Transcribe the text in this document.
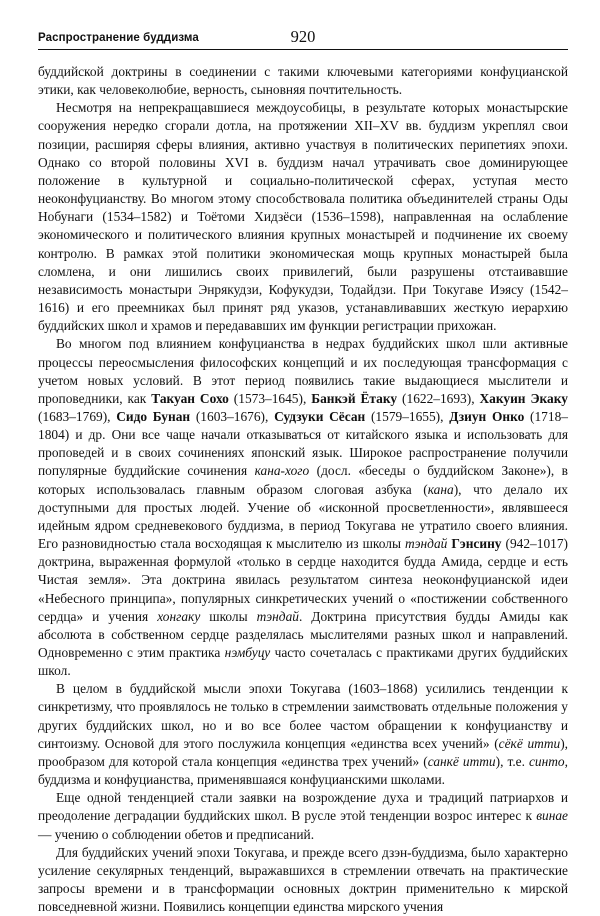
Распространение буддизма	920

буддийской доктрины в соединении с такими ключевыми категориями конфуцианской этики, как человеколюбие, верность, сыновняя почтительность.

Несмотря на непрекращавшиеся междоусобицы, в результате которых монастырские сооружения нередко сгорали дотла, на протяжении XII–XV вв. буддизм укреплял свои позиции, расширяя сферы влияния, активно участвуя в политических перипетиях эпохи. Однако со второй половины XVI в. буддизм начал утрачивать свое доминирующее положение в культурной и социально-политической сферах, уступая место неоконфуцианству. Во многом этому способствовала политика объединителей страны Оды Нобунаги (1534–1582) и Тоётоми Хидзёси (1536–1598), направленная на ослабление экономического и политического влияния крупных монастырей и подчинение их своему контролю. В рамках этой политики экономическая мощь крупных монастырей была сломлена, и они лишились своих привилегий, были разрушены отстаивавшие независимость монастыри Энрякудзи, Кофукудзи, Тодайдзи. При Токугаве Иэясу (1542–1616) и его преемниках был принят ряд указов, устанавливавших жесткую иерархию буддийских школ и храмов и передававших им функции регистрации прихожан.

Во многом под влиянием конфуцианства в недрах буддийских школ шли активные процессы переосмысления философских концепций и их последующая трансформация с учетом новых условий. В этот период появились такие выдающиеся мыслители и проповедники, как Такуан Сохо (1573–1645), Банкэй Ётаку (1622–1693), Хакуин Экаку (1683–1769), Сидо Бунан (1603–1676), Судзуки Сёсан (1579–1655), Дзиун Онко (1718–1804) и др. Они все чаще начали отказываться от китайского языка и использовать для проповедей и в своих сочинениях японский язык. Широкое распространение получили популярные буддийские сочинения кана-хого (досл. «беседы о буддийском Законе»), в которых использовалась главным образом слоговая азбука (кана), что делало их доступными для простых людей. Учение об «исконной просветленности», являвшееся идейным ядром средневекового буддизма, в период Токугава не утратило своего влияния. Его разновидностью стала восходящая к мыслителю из школы тэндай Гэнсину (942–1017) доктрина, выраженная формулой «только в сердце находится будда Амида, сердце и есть Чистая земля». Эта доктрина явилась результатом синтеза неоконфуцианской идеи «Небесного принципа», популярных синкретических учений о «постижении собственного сердца» и учения хонгаку школы тэндай. Доктрина присутствия будды Амиды как абсолюта в собственном сердце разделялась мыслителями разных школ и направлений. Одновременно с этим практика нэмбуцу часто сочеталась с практиками других буддийских школ.

В целом в буддийской мысли эпохи Токугава (1603–1868) усилились тенденции к синкретизму, что проявлялось не только в стремлении заимствовать отдельные положения у других буддийских школ, но и во все более частом обращении к конфуцианству и синтоизму. Основой для этого послужила концепция «единства всех учений» (сёкё итти), прообразом для которой стала концепция «единства трех учений» (санкё итти), т.е. синто, буддизма и конфуцианства, применявшаяся конфуцианскими школами.

Еще одной тенденцией стали заявки на возрождение духа и традиций патриархов и преодоление деградации буддийских школ. В русле этой тенденции возрос интерес к винае — учению о соблюдении обетов и предписаний.

Для буддийских учений эпохи Токугава, и прежде всего дзэн-буддизма, было характерно усиление секулярных тенденций, выражавшихся в стремлении отвечать на практические запросы времени и в трансформации основных доктрин применительно к мирской повседневной жизни. Появились концепции единства мирского учения
